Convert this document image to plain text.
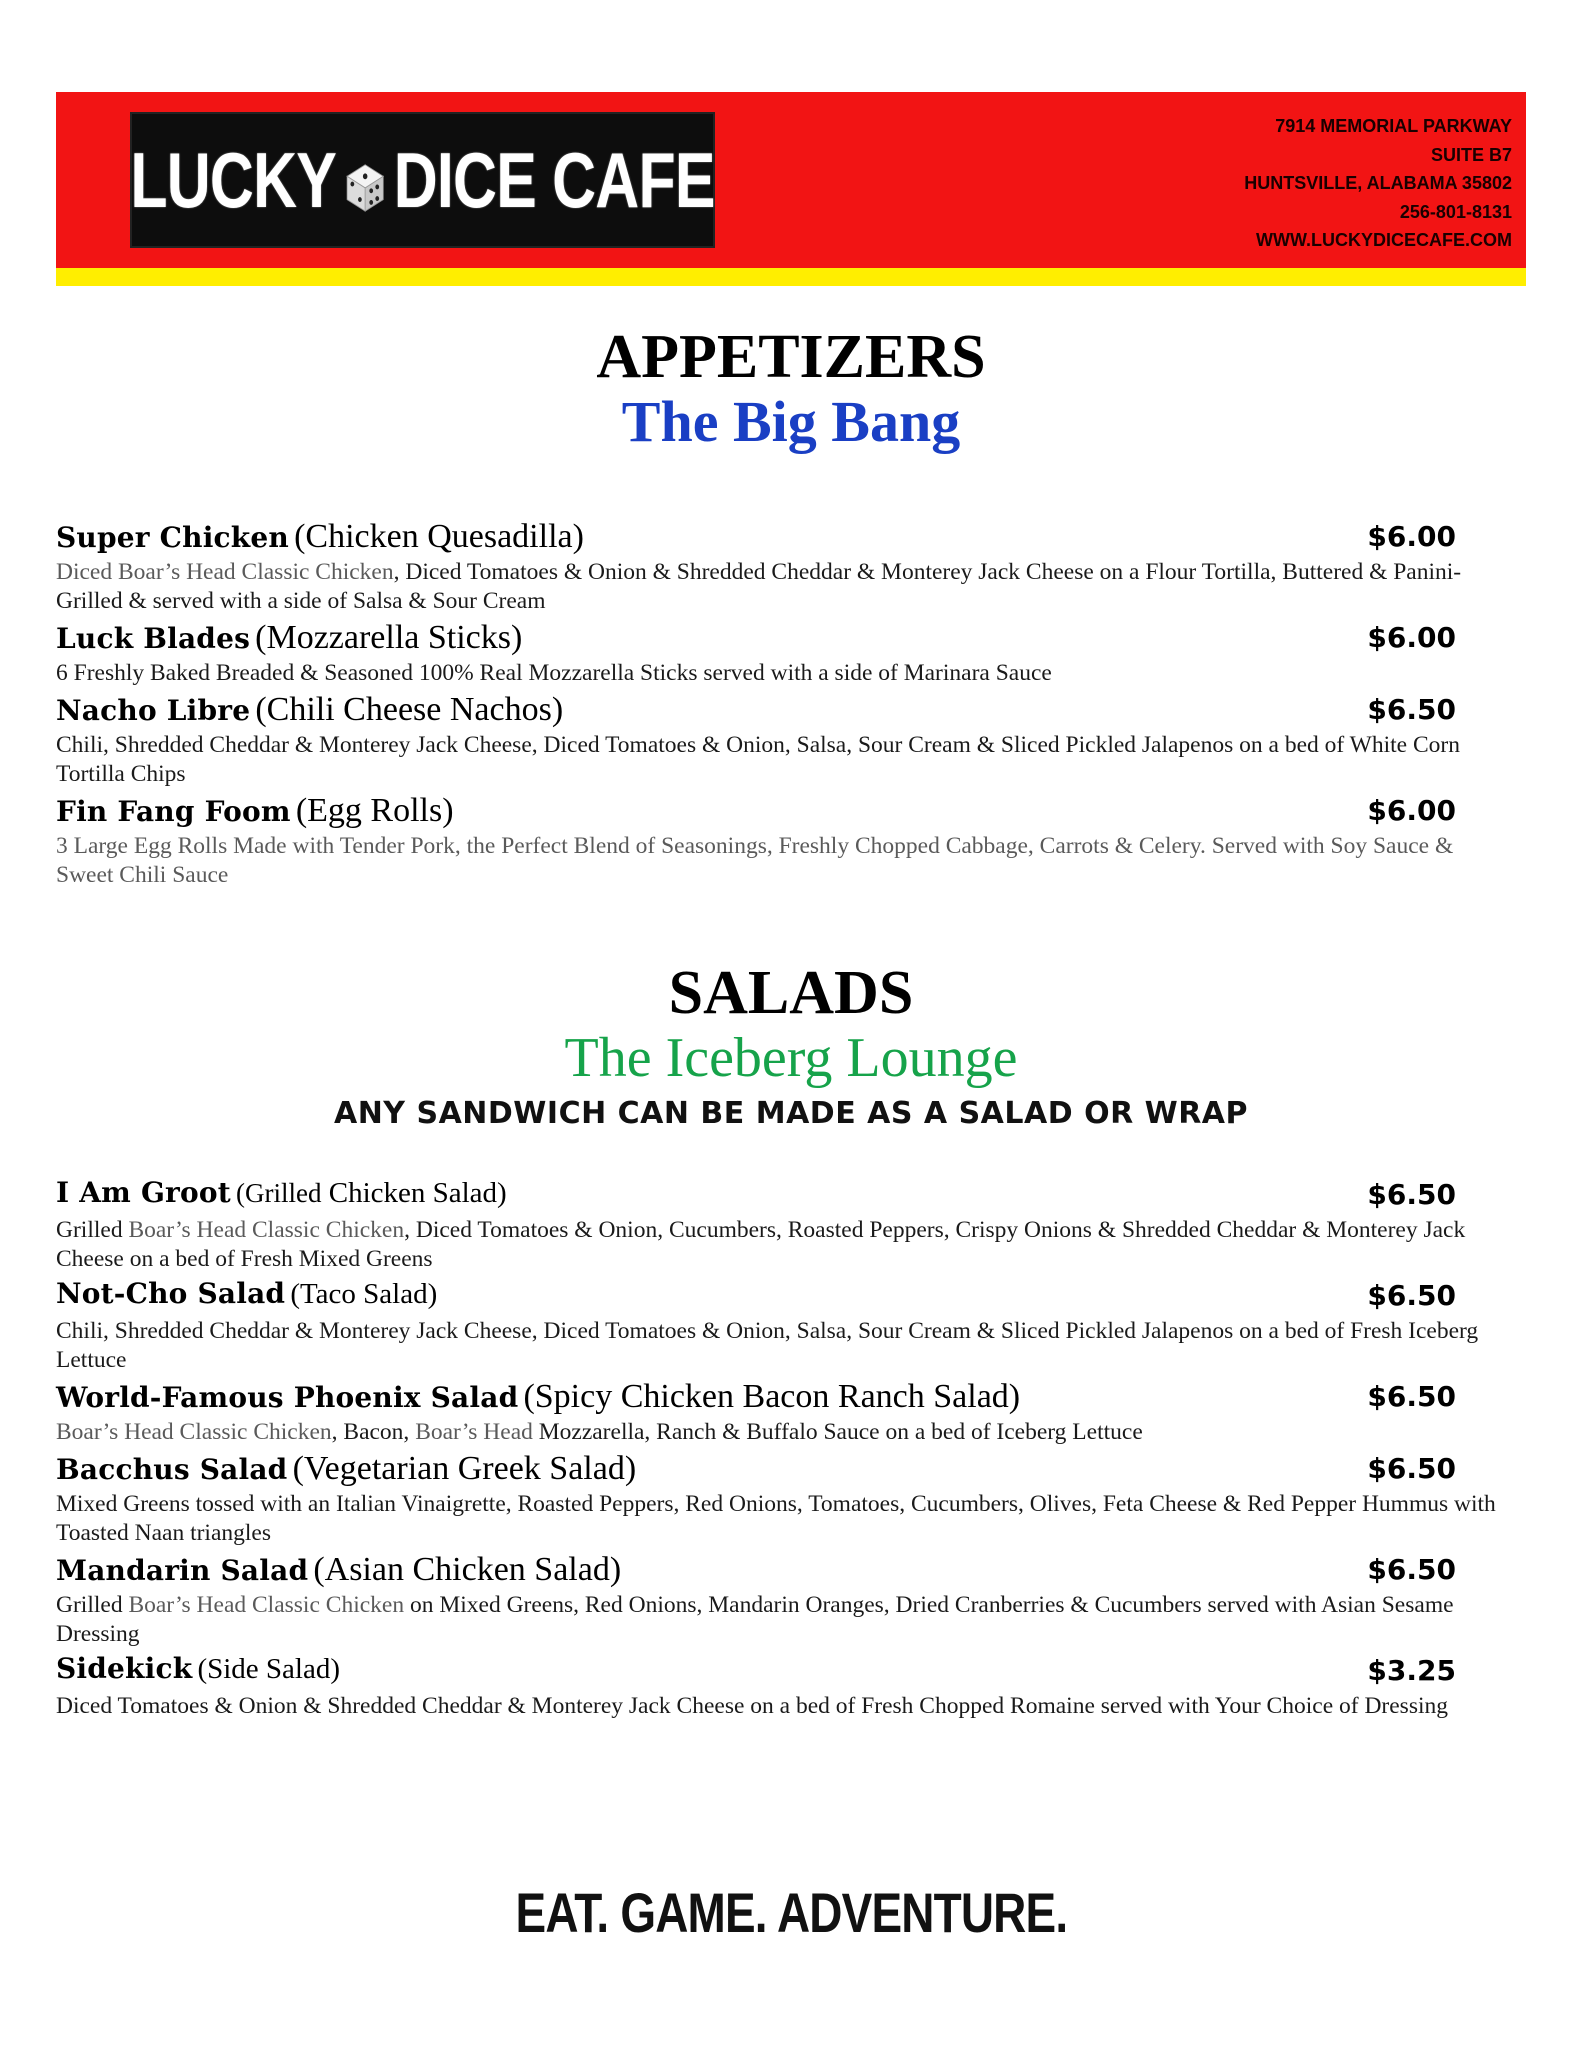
LUCKY DICE CAFE
7914 MEMORIAL PARKWAY
SUITE B7
HUNTSVILLE, ALABAMA 35802
256-801-8131
WWW.LUCKYDICECAFE.COM
APPETIZERS
The Big Bang
Super Chicken (Chicken Quesadilla)	$6.00
Diced Boar’s Head Classic Chicken, Diced Tomatoes & Onion & Shredded Cheddar & Monterey Jack Cheese on a Flour Tortilla, Buttered & Panini-Grilled & served with a side of Salsa & Sour Cream
Luck Blades (Mozzarella Sticks)	$6.00
6 Freshly Baked Breaded & Seasoned 100% Real Mozzarella Sticks served with a side of Marinara Sauce
Nacho Libre (Chili Cheese Nachos)	$6.50
Chili, Shredded Cheddar & Monterey Jack Cheese, Diced Tomatoes & Onion, Salsa, Sour Cream & Sliced Pickled Jalapenos on a bed of White Corn Tortilla Chips
Fin Fang Foom (Egg Rolls)	$6.00
3 Large Egg Rolls Made with Tender Pork, the Perfect Blend of Seasonings, Freshly Chopped Cabbage, Carrots & Celery. Served with Soy Sauce & Sweet Chili Sauce
SALADS
The Iceberg Lounge
ANY SANDWICH CAN BE MADE AS A SALAD OR WRAP
I Am Groot (Grilled Chicken Salad)	$6.50
Grilled Boar’s Head Classic Chicken, Diced Tomatoes & Onion, Cucumbers, Roasted Peppers, Crispy Onions & Shredded Cheddar & Monterey Jack Cheese on a bed of Fresh Mixed Greens
Not-Cho Salad (Taco Salad)	$6.50
Chili, Shredded Cheddar & Monterey Jack Cheese, Diced Tomatoes & Onion, Salsa, Sour Cream & Sliced Pickled Jalapenos on a bed of Fresh Iceberg Lettuce
World-Famous Phoenix Salad (Spicy Chicken Bacon Ranch Salad)	$6.50
Boar’s Head Classic Chicken, Bacon, Boar’s Head Mozzarella, Ranch & Buffalo Sauce on a bed of Iceberg Lettuce
Bacchus Salad (Vegetarian Greek Salad)	$6.50
Mixed Greens tossed with an Italian Vinaigrette, Roasted Peppers, Red Onions, Tomatoes, Cucumbers, Olives, Feta Cheese & Red Pepper Hummus with Toasted Naan triangles
Mandarin Salad (Asian Chicken Salad)	$6.50
Grilled Boar’s Head Classic Chicken on Mixed Greens, Red Onions, Mandarin Oranges, Dried Cranberries & Cucumbers served with Asian Sesame Dressing
Sidekick (Side Salad)	$3.25
Diced Tomatoes & Onion & Shredded Cheddar & Monterey Jack Cheese on a bed of Fresh Chopped Romaine served with Your Choice of Dressing
EAT. GAME. ADVENTURE.
